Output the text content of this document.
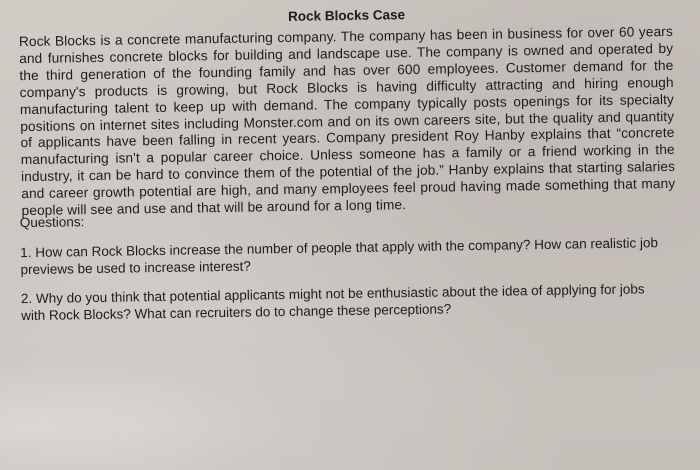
Rock Blocks Case

Rock Blocks is a concrete manufacturing company. The company has been in business for over 60 years and furnishes concrete blocks for building and landscape use. The company is owned and operated by the third generation of the founding family and has over 600 employees. Customer demand for the company's products is growing, but Rock Blocks is having difficulty attracting and hiring enough manufacturing talent to keep up with demand. The company typically posts openings for its specialty positions on internet sites including Monster.com and on its own careers site, but the quality and quantity of applicants have been falling in recent years. Company president Roy Hanby explains that “concrete manufacturing isn't a popular career choice. Unless someone has a family or a friend working in the industry, it can be hard to convince them of the potential of the job.” Hanby explains that starting salaries and career growth potential are high, and many employees feel proud having made something that many people will see and use and that will be around for a long time.

Questions:

1. How can Rock Blocks increase the number of people that apply with the company? How can realistic job previews be used to increase interest?

2. Why do you think that potential applicants might not be enthusiastic about the idea of applying for jobs with Rock Blocks? What can recruiters do to change these perceptions?
